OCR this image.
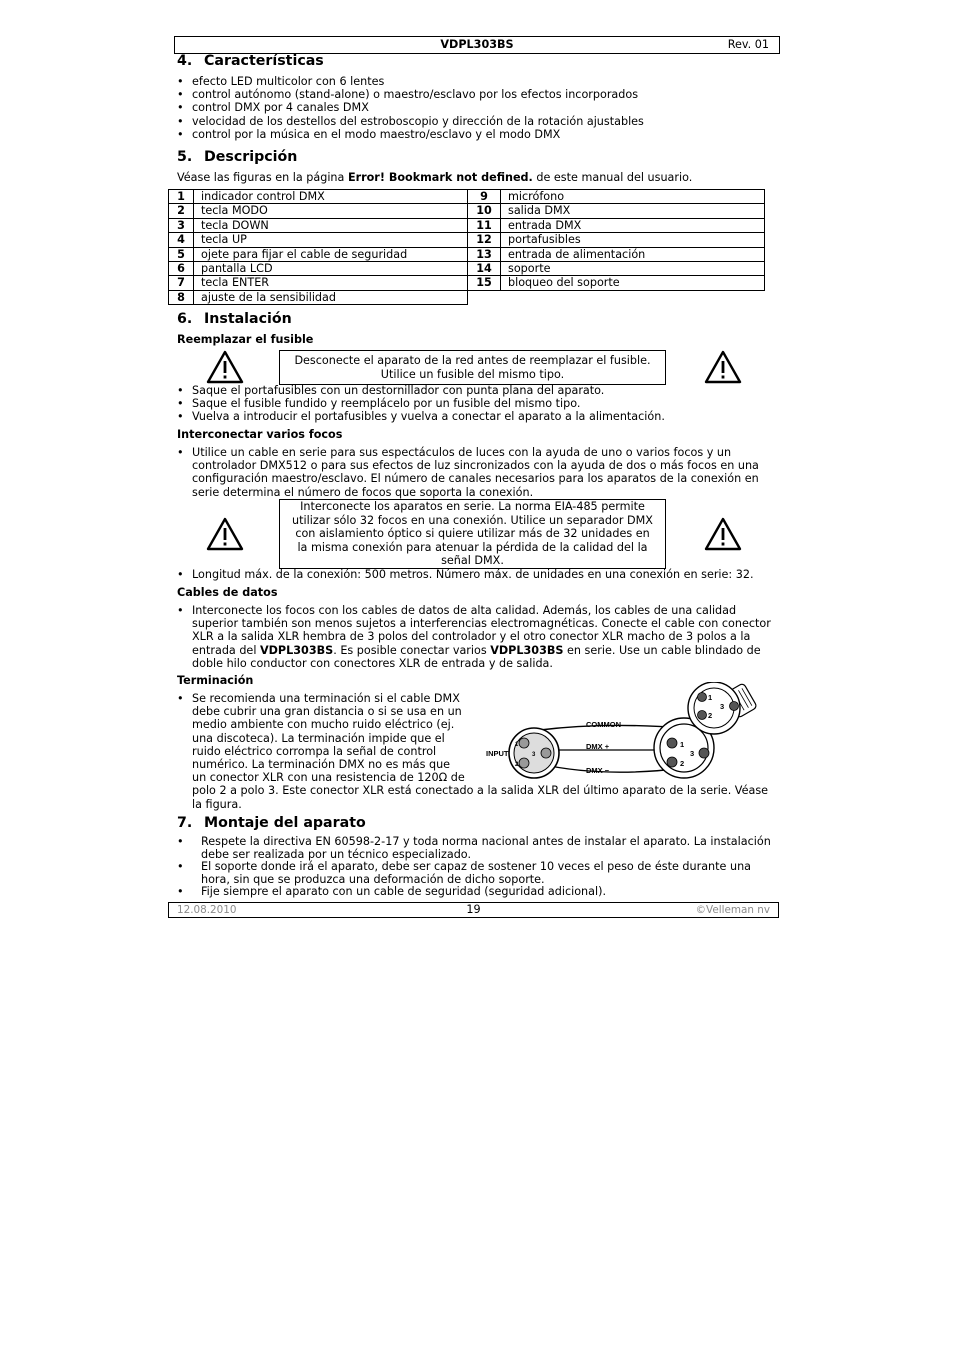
VDPL303BS	Rev. 01
4. Características
• efecto LED multicolor con 6 lentes
• control autónomo (stand-alone) o maestro/esclavo por los efectos incorporados
• control DMX por 4 canales DMX
• velocidad de los destellos del estroboscopio y dirección de la rotación ajustables
• control por la música en el modo maestro/esclavo y el modo DMX
5. Descripción

Véase las figuras en la página Error! Bookmark not defined. de este manual del usuario.

1	indicador control DMX	9	micrófono
2	tecla MODO	10	salida DMX
3	tecla DOWN	11	entrada DMX
4	tecla UP	12	portafusibles
5	ojete para fijar el cable de seguridad	13	entrada de alimentación
6	pantalla LCD	14	soporte
7	tecla ENTER	15	bloqueo del soporte
8	ajuste de la sensibilidad		
6. Instalación
Reemplazar el fusible
Desconecte el aparato de la red antes de reemplazar el fusible.
Utilice un fusible del mismo tipo.
• Saque el portafusibles con un destornillador con punta plana del aparato.
• Saque el fusible fundido y reemplácelo por un fusible del mismo tipo.
• Vuelva a introducir el portafusibles y vuelva a conectar el aparato a la alimentación.
Interconectar varios focos
• Utilice un cable en serie para sus espectáculos de luces con la ayuda de uno o varios focos y un
controlador DMX512 o para sus efectos de luz sincronizados con la ayuda de dos o más focos en una
configuración maestro/esclavo. El número de canales necesarios para los aparatos de la conexión en
serie determina el número de focos que soporta la conexión.
Interconecte los aparatos en serie. La norma EIA-485 permite
utilizar sólo 32 focos en una conexión. Utilice un separador DMX
con aislamiento óptico si quiere utilizar más de 32 unidades en
la misma conexión para atenuar la pérdida de la calidad del la
señal DMX.
• Longitud máx. de la conexión: 500 metros. Número máx. de unidades en una conexión en serie: 32.
Cables de datos
• Interconecte los focos con los cables de datos de alta calidad. Además, los cables de una calidad
superior también son menos sujetos a interferencias electromagnéticas. Conecte el cable con conector
XLR a la salida XLR hembra de 3 polos del controlador y el otro conector XLR macho de 3 polos a la
entrada del VDPL303BS. Es posible conectar varios VDPL303BS en serie. Use un cable blindado de
doble hilo conductor con conectores XLR de entrada y de salida.
Terminación
• Se recomienda una terminación si el cable DMX
debe cubrir una gran distancia o si se usa en un
medio ambiente con mucho ruido eléctrico (ej.
una discoteca). La terminación impide que el
ruido eléctrico corrompa la señal de control
numérico. La terminación DMX no es más que
un conector XLR con una resistencia de 120Ω de
polo 2 a polo 3. Este conector XLR está conectado a la salida XLR del último aparato de la serie. Véase
la figura.
COMMON
INPUT
DMX +
DMX −
1
3
2
1
3
2
1
3
2
7. Montaje del aparato
• Respete la directiva EN 60598-2-17 y toda norma nacional antes de instalar el aparato. La instalación
debe ser realizada por un técnico especializado.
• El soporte donde irá el aparato, debe ser capaz de sostener 10 veces el peso de éste durante una
hora, sin que se produzca una deformación de dicho soporte.
• Fije siempre el aparato con un cable de seguridad (seguridad adicional).
12.08.2010	19	©Velleman nv
